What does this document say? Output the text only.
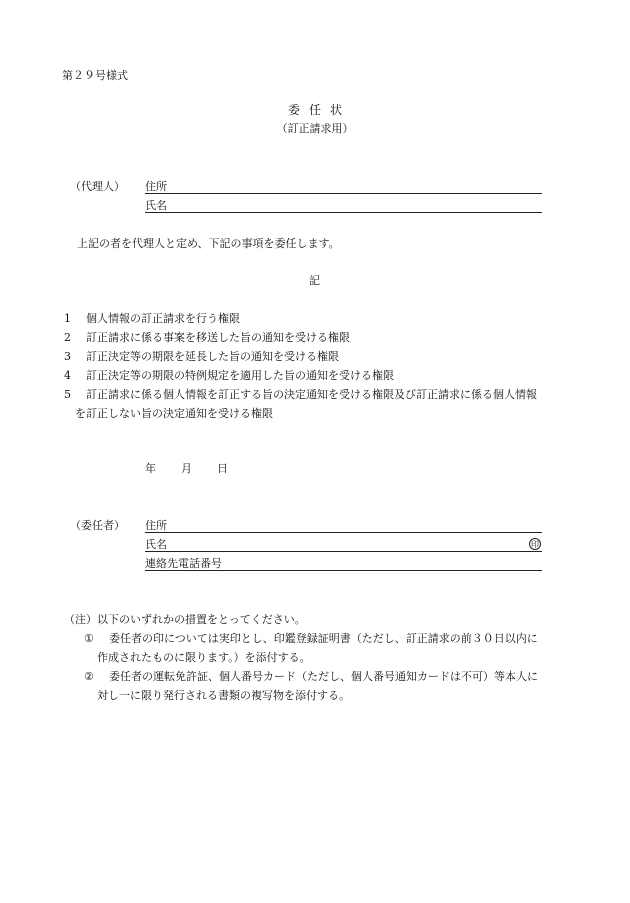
第２９号様式
委任状
（訂正請求用）
（代理人） 住所
氏名
上記の者を代理人と定め、下記の事項を委任します。
記
1 個人情報の訂正請求を行う権限
2 訂正請求に係る事案を移送した旨の通知を受ける権限
3 訂正決定等の期限を延長した旨の通知を受ける権限
4 訂正決定等の期限の特例規定を適用した旨の通知を受ける権限
5 訂正請求に係る個人情報を訂正する旨の決定通知を受ける権限及び訂正請求に係る個人情報
を訂正しない旨の決定通知を受ける権限
年 月 日
（委任者） 住所
氏名	印
連絡先電話番号
（注）以下のいずれかの措置をとってください。
① 委任者の印については実印とし、印鑑登録証明書（ただし、訂正請求の前３０日以内に
作成されたものに限ります。）を添付する。
② 委任者の運転免許証、個人番号カード（ただし、個人番号通知カードは不可）等本人に
対し一に限り発行される書類の複写物を添付する。
